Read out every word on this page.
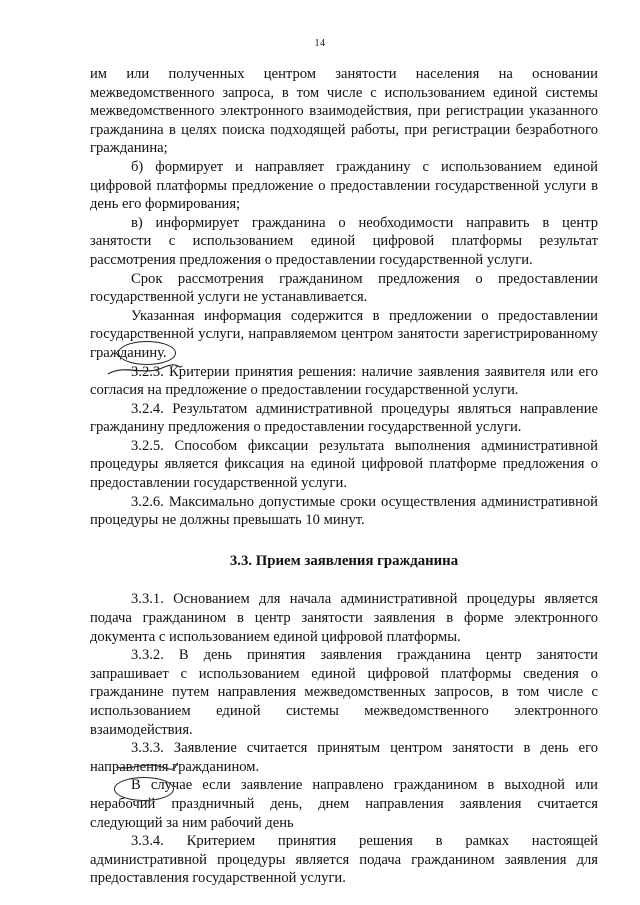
14

им или полученных центром занятости населения на основании межведомственного запроса, в том числе с использованием единой системы межведомственного электронного взаимодействия, при регистрации указанного гражданина в целях поиска подходящей работы, при регистрации безработного гражданина;

б) формирует и направляет гражданину с использованием единой цифровой платформы предложение о предоставлении государственной услуги в день его формирования;

в) информирует гражданина о необходимости направить в центр занятости с использованием единой цифровой платформы результат рассмотрения предложения о предоставлении государственной услуги.

Срок рассмотрения гражданином предложения о предоставлении государственной услуги не устанавливается.

Указанная информация содержится в предложении о предоставлении государственной услуги, направляемом центром занятости зарегистрированному гражданину.

3.2.3. Критерии принятия решения: наличие заявления заявителя или его согласия на предложение о предоставлении государственной услуги.

3.2.4. Результатом административной процедуры являться направление гражданину предложения о предоставлении государственной услуги.

3.2.5. Способом фиксации результата выполнения административной процедуры является фиксация на единой цифровой платформе предложения о предоставлении государственной услуги.

3.2.6. Максимально допустимые сроки осуществления административной процедуры не должны превышать 10 минут.

3.3. Прием заявления гражданина

3.3.1. Основанием для начала административной процедуры является подача гражданином в центр занятости заявления в форме электронного документа с использованием единой цифровой платформы.

3.3.2. В день принятия заявления гражданина центр занятости запрашивает с использованием единой цифровой платформы сведения о гражданине путем направления межведомственных запросов, в том числе с использованием единой системы межведомственного электронного взаимодействия.

3.3.3. Заявление считается принятым центром занятости в день его направления гражданином.

В случае если заявление направлено гражданином в выходной или нерабочий праздничный день, днем направления заявления считается следующий за ним рабочий день

3.3.4. Критерием принятия решения в рамках настоящей административной процедуры является подача гражданином заявления для предоставления государственной услуги.
